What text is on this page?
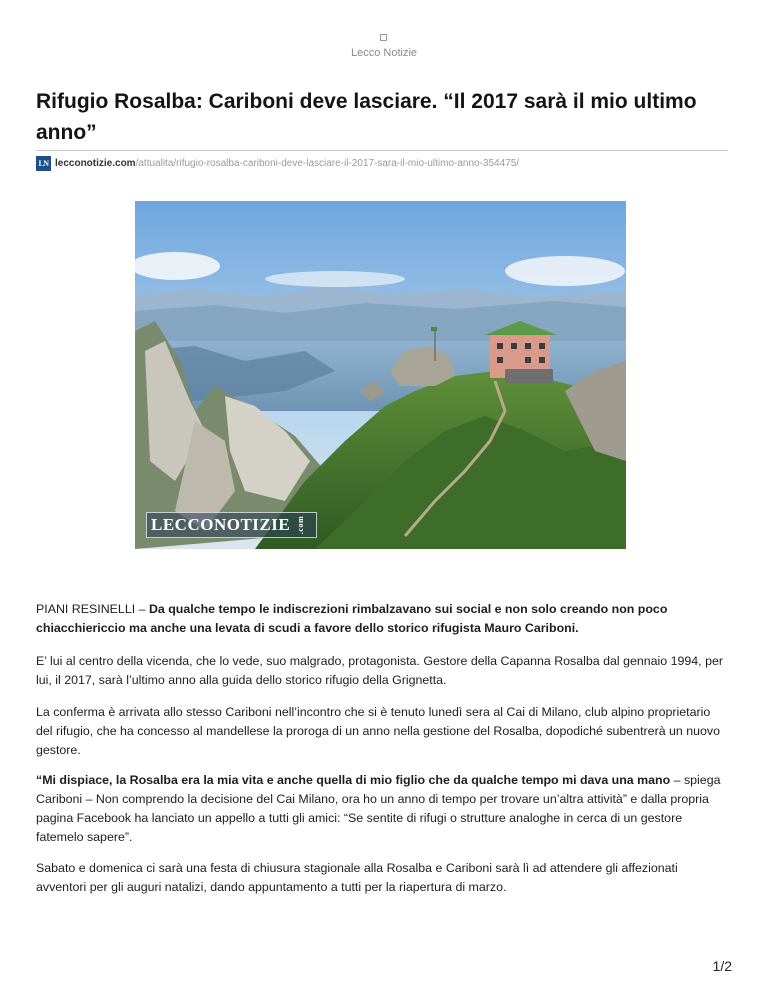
Lecco Notizie
Rifugio Rosalba: Cariboni deve lasciare. “Il 2017 sarà il mio ultimo anno”
LN lecconotizie.com /attualita/rifugio-rosalba-cariboni-deve-lasciare-il-2017-sara-il-mio-ultimo-anno-354475/
LECCONOTIZIE .com

PIANI RESINELLI – Da qualche tempo le indiscrezioni rimbalzavano sui social e non solo creando non poco chiacchiericcio ma anche una levata di scudi a favore dello storico rifugista Mauro Cariboni.

E’ lui al centro della vicenda, che lo vede, suo malgrado, protagonista. Gestore della Capanna Rosalba dal gennaio 1994, per lui, il 2017, sarà l’ultimo anno alla guida dello storico rifugio della Grignetta.

La conferma è arrivata allo stesso Cariboni nell’incontro che si è tenuto lunedì sera al Cai di Milano, club alpino proprietario del rifugio, che ha concesso al mandellese la proroga di un anno nella gestione del Rosalba, dopodiché subentrerà un nuovo gestore.

“Mi dispiace, la Rosalba era la mia vita e anche quella di mio figlio che da qualche tempo mi dava una mano – spiega Cariboni – Non comprendo la decisione del Cai Milano, ora ho un anno di tempo per trovare un’altra attività” e dalla propria pagina Facebook ha lanciato un appello a tutti gli amici: “Se sentite di rifugi o strutture analoghe in cerca di un gestore fatemelo sapere”.

Sabato e domenica ci sarà una festa di chiusura stagionale alla Rosalba e Cariboni sarà lì ad attendere gli affezionati avventori per gli auguri natalizi, dando appuntamento a tutti per la riapertura di marzo.

1/2
